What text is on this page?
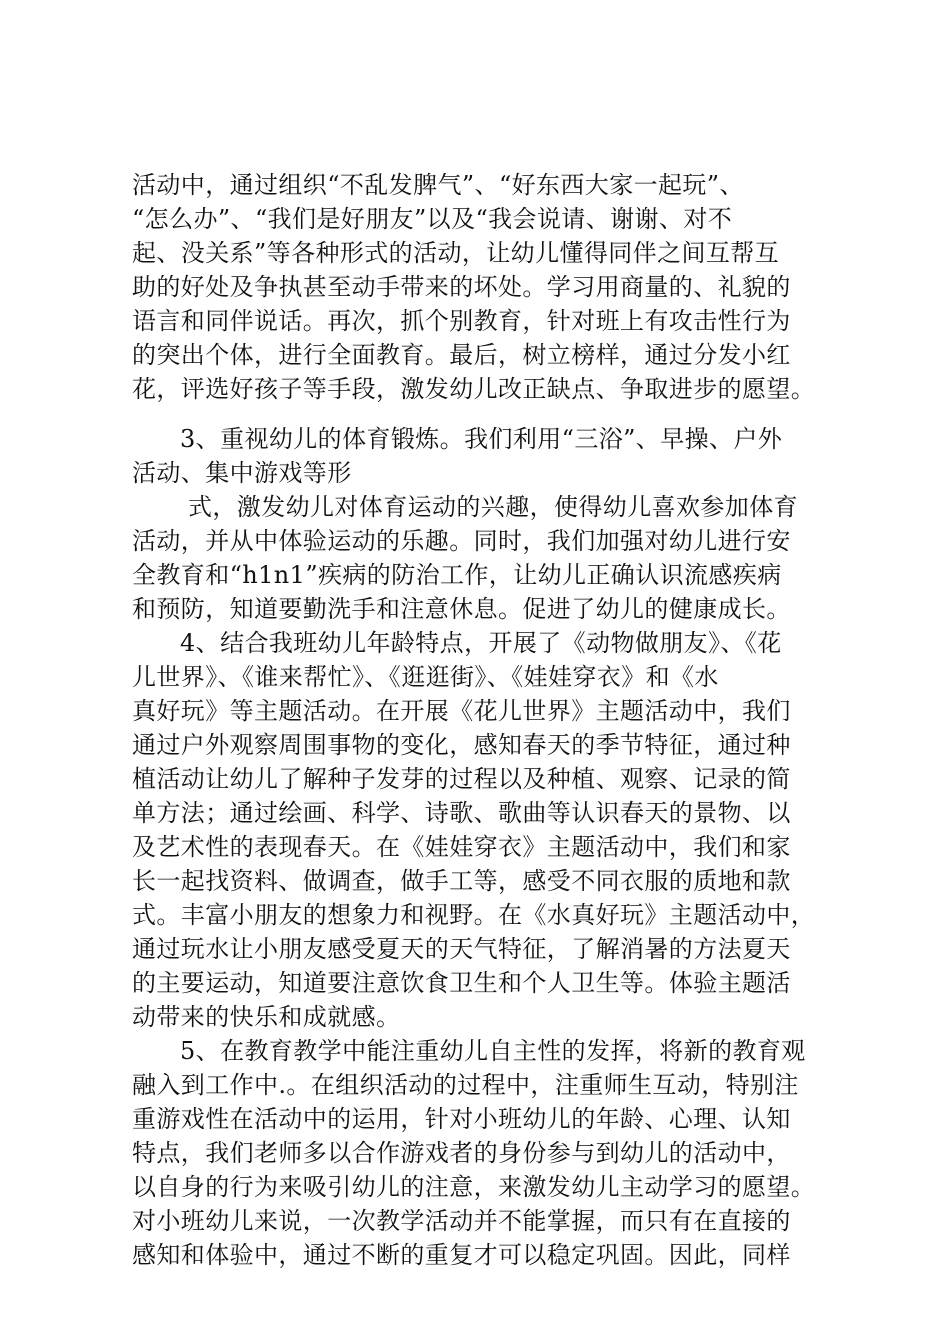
活动中，通过组织“不乱发脾气”、“好东西大家一起玩”、
“怎么办”、“我们是好朋友”以及“我会说请、谢谢、对不
起、没关系”等各种形式的活动，让幼儿懂得同伴之间互帮互
助的好处及争执甚至动手带来的坏处。学习用商量的、礼貌的
语言和同伴说话。再次，抓个别教育，针对班上有攻击性行为
的突出个体，进行全面教育。最后，树立榜样，通过分发小红
花，评选好孩子等手段，激发幼儿改正缺点、争取进步的愿望。
3、重视幼儿的体育锻炼。我们利用“三浴”、早操、户外
活动、集中游戏等形
式，激发幼儿对体育运动的兴趣，使得幼儿喜欢参加体育
活动，并从中体验运动的乐趣。同时，我们加强对幼儿进行安
全教育和“h1n1”疾病的防治工作，让幼儿正确认识流感疾病
和预防，知道要勤洗手和注意休息。促进了幼儿的健康成长。
4、结合我班幼儿年龄特点，开展了《动物做朋友》、《花
儿世界》、《谁来帮忙》、《逛逛街》、《娃娃穿衣》和《水
真好玩》等主题活动。在开展《花儿世界》主题活动中，我们
通过户外观察周围事物的变化，感知春天的季节特征，通过种
植活动让幼儿了解种子发芽的过程以及种植、观察、记录的简
单方法；通过绘画、科学、诗歌、歌曲等认识春天的景物、以
及艺术性的表现春天。在《娃娃穿衣》主题活动中，我们和家
长一起找资料、做调查，做手工等，感受不同衣服的质地和款
式。丰富小朋友的想象力和视野。在《水真好玩》主题活动中，
通过玩水让小朋友感受夏天的天气特征，了解消暑的方法夏天
的主要运动，知道要注意饮食卫生和个人卫生等。体验主题活
动带来的快乐和成就感。
5、在教育教学中能注重幼儿自主性的发挥，将新的教育观
融入到工作中.。在组织活动的过程中，注重师生互动，特别注
重游戏性在活动中的运用，针对小班幼儿的年龄、心理、认知
特点，我们老师多以合作游戏者的身份参与到幼儿的活动中，
以自身的行为来吸引幼儿的注意，来激发幼儿主动学习的愿望。
对小班幼儿来说，一次教学活动并不能掌握，而只有在直接的
感知和体验中，通过不断的重复才可以稳定巩固。因此，同样
